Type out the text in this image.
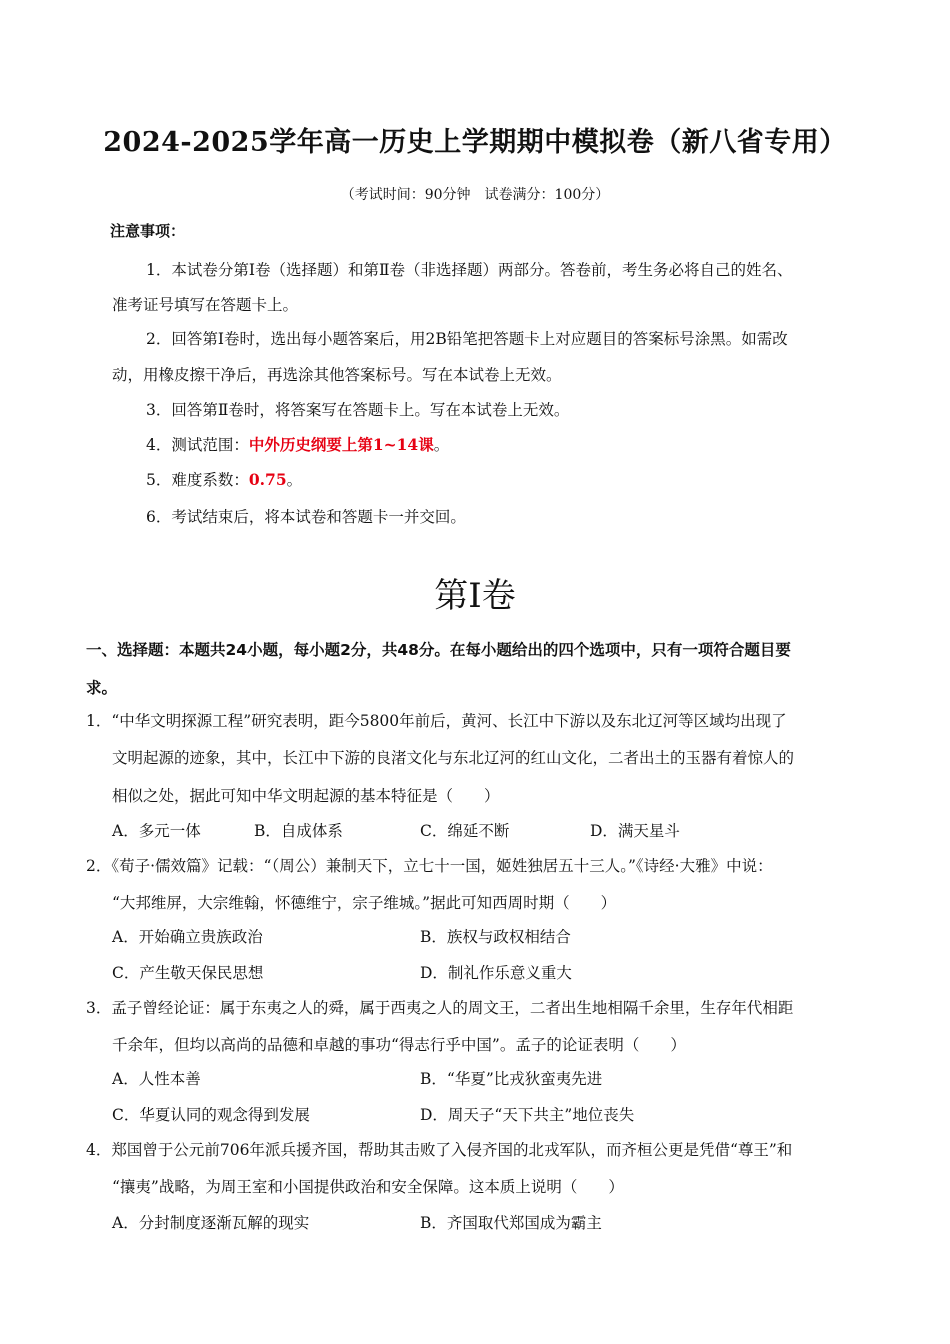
2024-2025学年高一历史上学期期中模拟卷（新八省专用）
（考试时间：90分钟　试卷满分：100分）
注意事项：
1．本试卷分第Ⅰ卷（选择题）和第Ⅱ卷（非选择题）两部分。答卷前，考生务必将自己的姓名、
准考证号填写在答题卡上。
2．回答第Ⅰ卷时，选出每小题答案后，用2B铅笔把答题卡上对应题目的答案标号涂黑。如需改
动，用橡皮擦干净后，再选涂其他答案标号。写在本试卷上无效。
3．回答第Ⅱ卷时，将答案写在答题卡上。写在本试卷上无效。
4．测试范围：中外历史纲要上第1~14课。
5．难度系数：0.75。
6．考试结束后，将本试卷和答题卡一并交回。
第Ⅰ卷
一、选择题：本题共24小题，每小题2分，共48分。在每小题给出的四个选项中，只有一项符合题目要
求。
1．“中华文明探源工程”研究表明，距今5800年前后，黄河、长江中下游以及东北辽河等区域均出现了
文明起源的迹象，其中，长江中下游的良渚文化与东北辽河的红山文化，二者出土的玉器有着惊人的
相似之处，据此可知中华文明起源的基本特征是（　　）
A．多元一体	B．自成体系	C．绵延不断	D．满天星斗
2．《荀子·儒效篇》记载：“（周公）兼制天下，立七十一国，姬姓独居五十三人。”《诗经·大雅》中说：
“大邦维屏，大宗维翰，怀德维宁，宗子维城。”据此可知西周时期（　　）
A．开始确立贵族政治	B．族权与政权相结合
C．产生敬天保民思想	D．制礼作乐意义重大
3．孟子曾经论证：属于东夷之人的舜，属于西夷之人的周文王，二者出生地相隔千余里，生存年代相距
千余年，但均以高尚的品德和卓越的事功“得志行乎中国”。孟子的论证表明（　　）
A．人性本善	B．“华夏”比戎狄蛮夷先进
C．华夏认同的观念得到发展	D．周天子“天下共主”地位丧失
4．郑国曾于公元前706年派兵援齐国，帮助其击败了入侵齐国的北戎军队，而齐桓公更是凭借“尊王”和
“攘夷”战略，为周王室和小国提供政治和安全保障。这本质上说明（　　）
A．分封制度逐渐瓦解的现实	B．齐国取代郑国成为霸主
